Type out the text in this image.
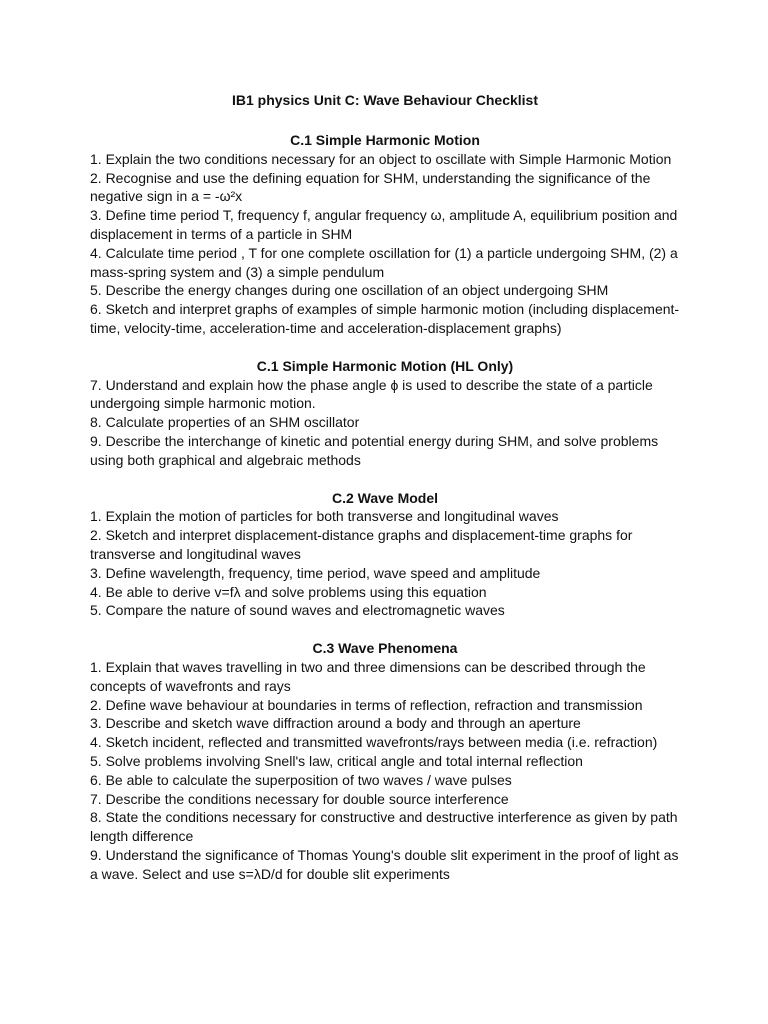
IB1 physics Unit C: Wave Behaviour Checklist
C.1 Simple Harmonic Motion
1. Explain the two conditions necessary for an object to oscillate with Simple Harmonic Motion
2. Recognise and use the defining equation for SHM, understanding the significance of the negative sign in a = -ω²x
3. Define time period T, frequency f, angular frequency ω, amplitude A, equilibrium position and displacement in terms of a particle in SHM
4. Calculate time period , T for one complete oscillation for (1) a particle undergoing SHM, (2) a mass-spring system and (3) a simple pendulum
5. Describe the energy changes during one oscillation of an object undergoing SHM
6. Sketch and interpret graphs of examples of simple harmonic motion (including displacement-time, velocity-time, acceleration-time and acceleration-displacement graphs)
C.1 Simple Harmonic Motion (HL Only)
7. Understand and explain how the phase angle ϕ is used to describe the state of a particle undergoing simple harmonic motion.
8. Calculate properties of an SHM oscillator
9. Describe the interchange of kinetic and potential energy during SHM, and solve problems using both graphical and algebraic methods
C.2 Wave Model
1. Explain the motion of particles for both transverse and longitudinal waves
2. Sketch and interpret displacement-distance graphs and displacement-time graphs for transverse and longitudinal waves
3. Define wavelength, frequency, time period, wave speed and amplitude
4. Be able to derive v=fλ and solve problems using this equation
5. Compare the nature of sound waves and electromagnetic waves
C.3 Wave Phenomena
1. Explain that waves travelling in two and three dimensions can be described through the concepts of wavefronts and rays
2. Define wave behaviour at boundaries in terms of reflection, refraction and transmission
3. Describe and sketch wave diffraction around a body and through an aperture
4. Sketch incident, reflected and transmitted wavefronts/rays between media (i.e. refraction)
5. Solve problems involving Snell's law, critical angle and total internal reflection
6. Be able to calculate the superposition of two waves / wave pulses
7. Describe the conditions necessary for double source interference
8. State the conditions necessary for constructive and destructive interference as given by path length difference
9. Understand the significance of Thomas Young's double slit experiment in the proof of light as a wave. Select and use s=λD/d for double slit experiments
